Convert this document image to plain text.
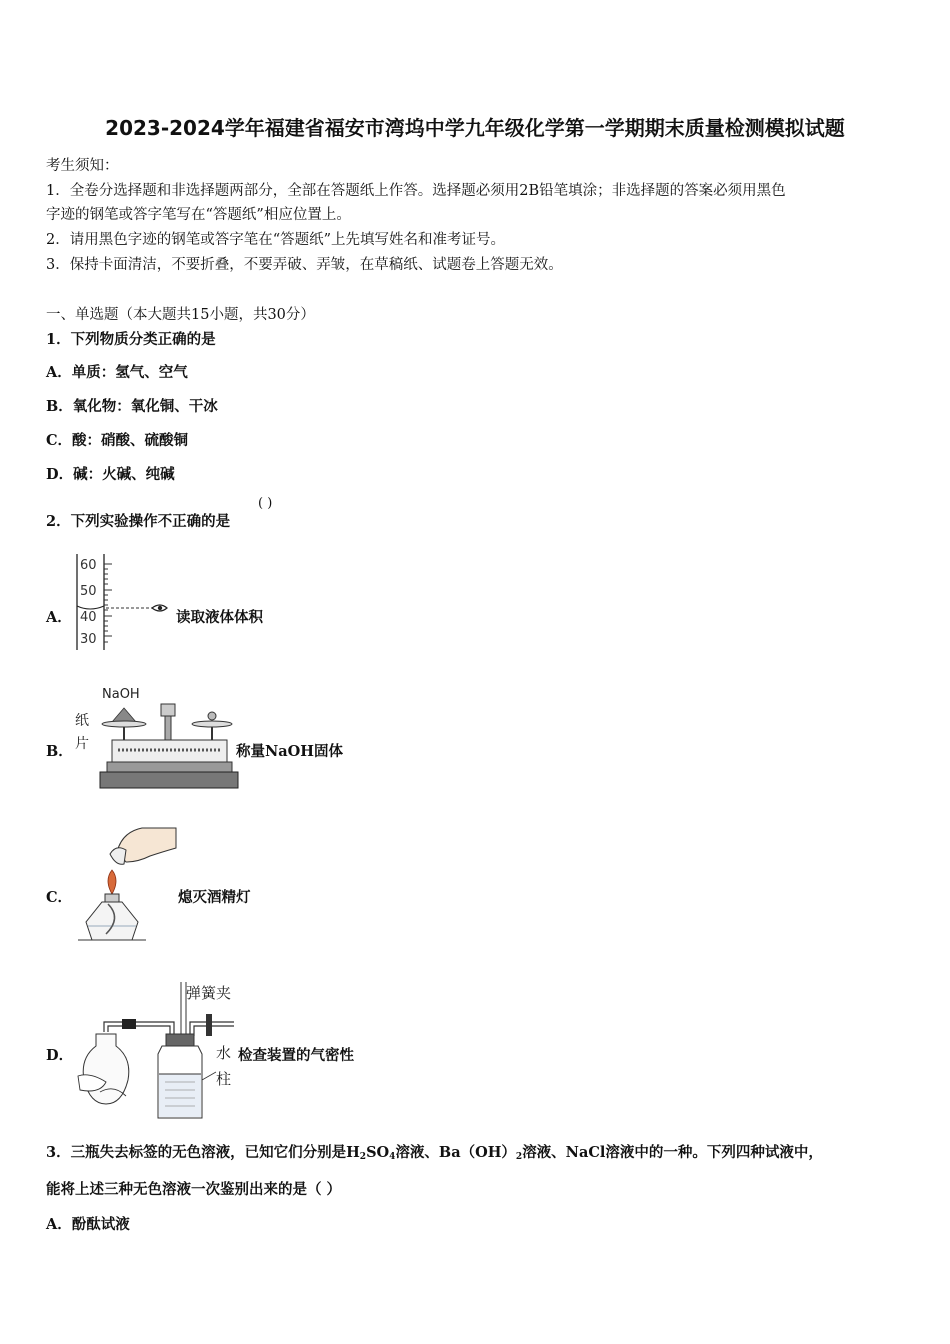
2023-2024学年福建省福安市湾坞中学九年级化学第一学期期末质量检测模拟试题
考生须知：
1．全卷分选择题和非选择题两部分，全部在答题纸上作答。选择题必须用2B铅笔填涂；非选择题的答案必须用黑色
字迹的钢笔或答字笔写在“答题纸”相应位置上。
2．请用黑色字迹的钢笔或答字笔在“答题纸”上先填写姓名和准考证号。
3．保持卡面清洁，不要折叠，不要弄破、弄皱，在草稿纸、试题卷上答题无效。
一、单选题（本大题共15小题，共30分）
1．下列物质分类正确的是
A．单质：氢气、空气
B．氧化物：氧化铜、干冰
C．酸：硝酸、硫酸铜
D．碱：火碱、纯碱
2．下列实验操作不正确的是
( )
A．
60
50
40
30
读取液体体积
B．
NaOH
纸
片	称量NaOH固体
C．	熄灭酒精灯
D．
弹簧夹
水
柱
检查装置的气密性
3．三瓶失去标签的无色溶液，已知它们分别是$H_2SO_4$溶液、$Ba(OH)_2$溶液、NaCl溶液中的一种。下列四种试液中，
能将上述三种无色溶液一次鉴别出来的是（ ）
A．酚酞试液
